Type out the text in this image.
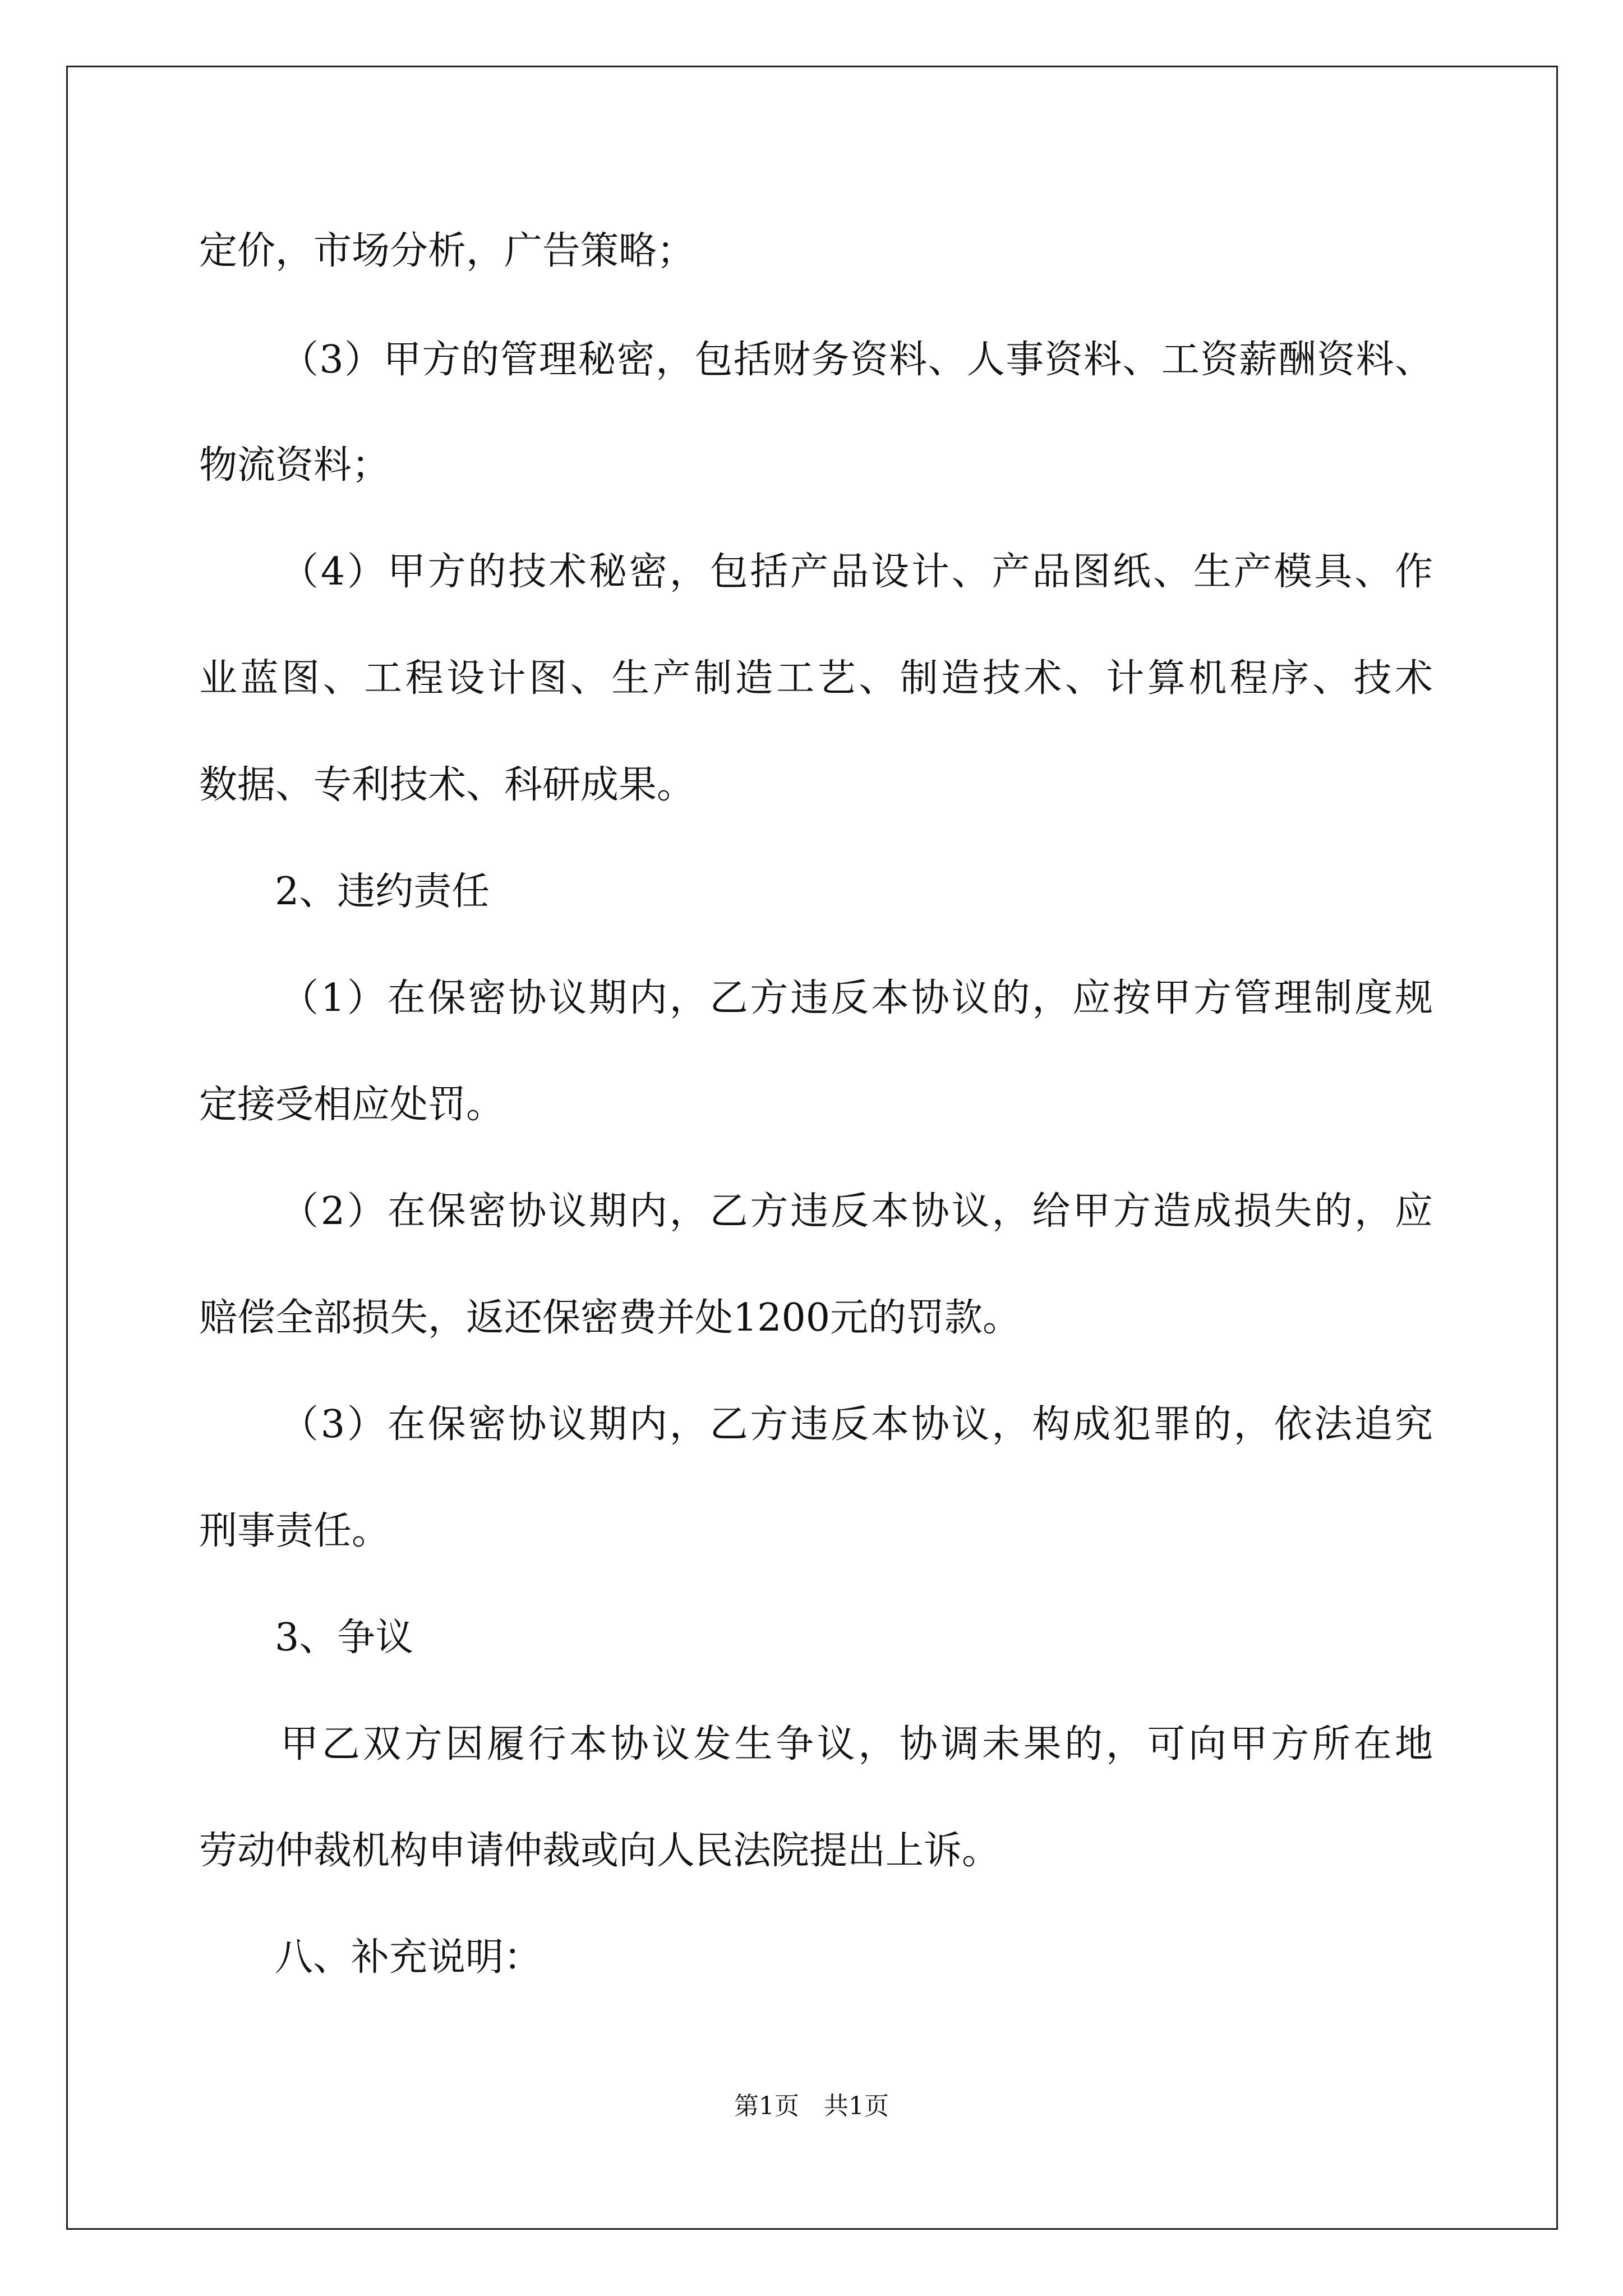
定价，市场分析，广告策略；
（3）甲方的管理秘密，包括财务资料、人事资料、工资薪酬资料、
物流资料；
（4）甲方的技术秘密，包括产品设计、产品图纸、生产模具、作
业蓝图、工程设计图、生产制造工艺、制造技术、计算机程序、技术
数据、专利技术、科研成果。
2、违约责任
（1）在保密协议期内，乙方违反本协议的，应按甲方管理制度规
定接受相应处罚。
（2）在保密协议期内，乙方违反本协议，给甲方造成损失的，应
赔偿全部损失，返还保密费并处1200元的罚款。
（3）在保密协议期内，乙方违反本协议，构成犯罪的，依法追究
刑事责任。
3、争议
甲乙双方因履行本协议发生争议，协调未果的，可向甲方所在地
劳动仲裁机构申请仲裁或向人民法院提出上诉。
八、补充说明：
第1页　共1页
